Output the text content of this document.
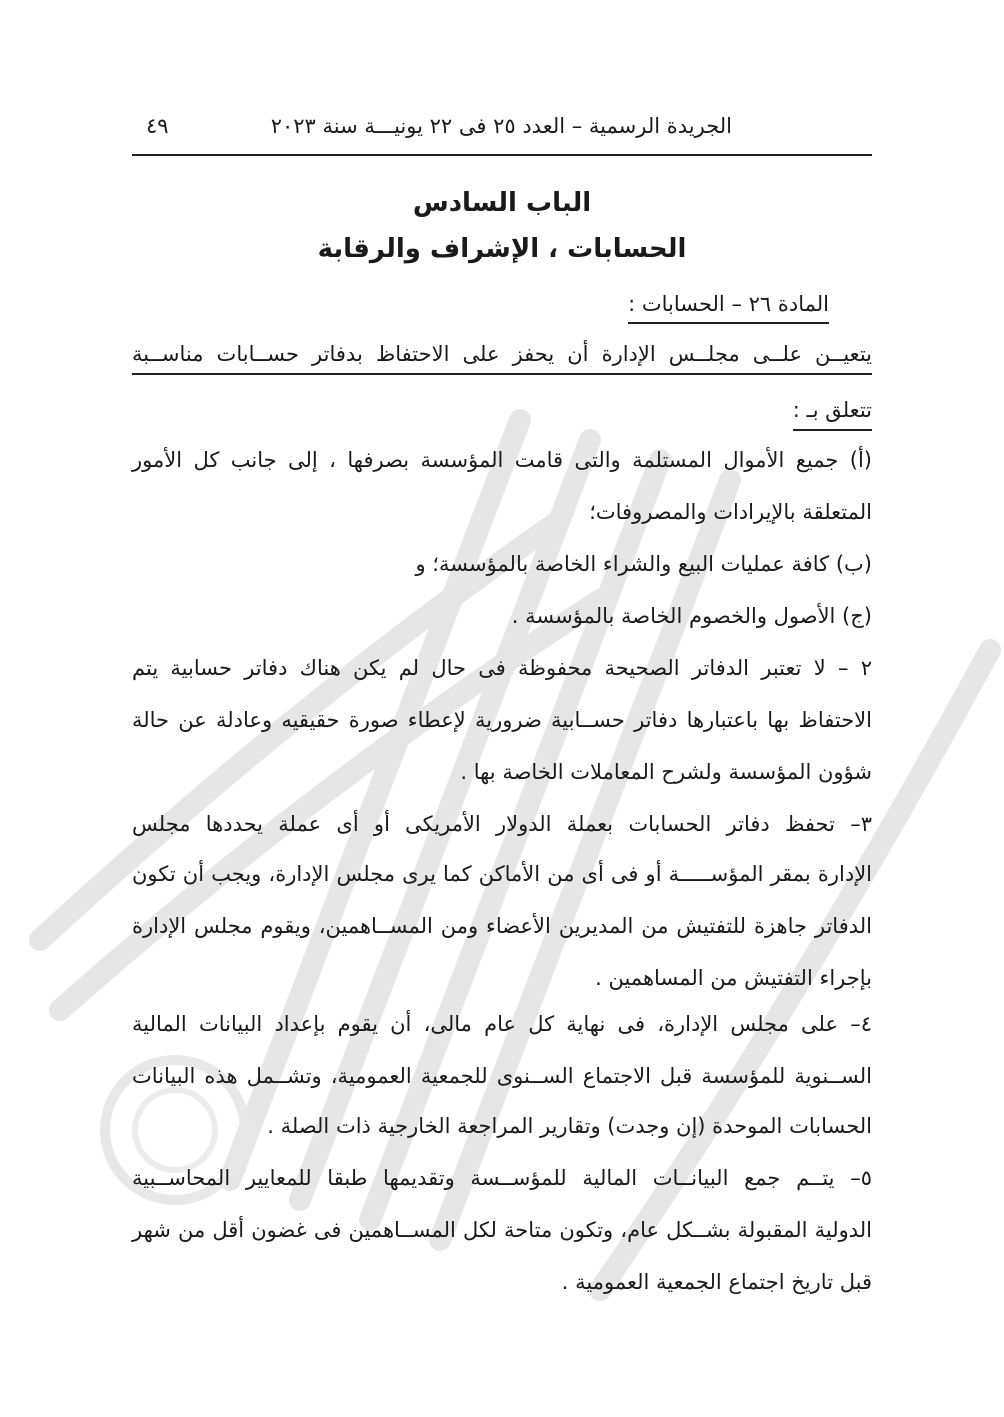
الجريدة الرسمية – العدد ٢٥ فى ٢٢ يونيـــة سنة ٢٠٢٣
٤٩
الباب السادس
الحسابات ، الإشراف والرقابة
المادة ٢٦ – الحسابات :
يتعيــن علــى مجلــس الإدارة أن يحفز على الاحتفاظ بدفاتر حســابات مناســبة
تتعلق بـ :
(أ) جميع الأموال المستلمة والتى قامت المؤسسة بصرفها ، إلى جانب كل الأمور
المتعلقة بالإيرادات والمصروفات؛
(ب) كافة عمليات البيع والشراء الخاصة بالمؤسسة؛ و
(ج) الأصول والخصوم الخاصة بالمؤسسة .
٢ – لا تعتبر الدفاتر الصحيحة محفوظة فى حال لم يكن هناك دفاتر حسابية يتم
الاحتفاظ بها باعتبارها دفاتر حســابية ضرورية لإعطاء صورة حقيقيه وعادلة عن حالة
شؤون المؤسسة ولشرح المعاملات الخاصة بها .
٣– تحفظ دفاتر الحسابات بعملة الدولار الأمريكى أو أى عملة يحددها مجلس
الإدارة بمقر المؤســـــة أو فى أى من الأماكن كما يرى مجلس الإدارة، ويجب أن تكون
الدفاتر جاهزة للتفتيش من المديرين الأعضاء ومن المســاهمين، ويقوم مجلس الإدارة
بإجراء التفتيش من المساهمين .
٤– على مجلس الإدارة، فى نهاية كل عام مالى، أن يقوم بإعداد البيانات المالية
الســنوية للمؤسسة قبل الاجتماع الســنوى للجمعية العمومية، وتشــمل هذه البيانات
الحسابات الموحدة (إن وجدت) وتقارير المراجعة الخارجية ذات الصلة .
٥– يتــم جمع البيانــات المالية للمؤســسة وتقديمها طبقا للمعايير المحاســبية
الدولية المقبولة بشــكل عام، وتكون متاحة لكل المســاهمين فى غضون أقل من شهر
قبل تاريخ اجتماع الجمعية العمومية .
